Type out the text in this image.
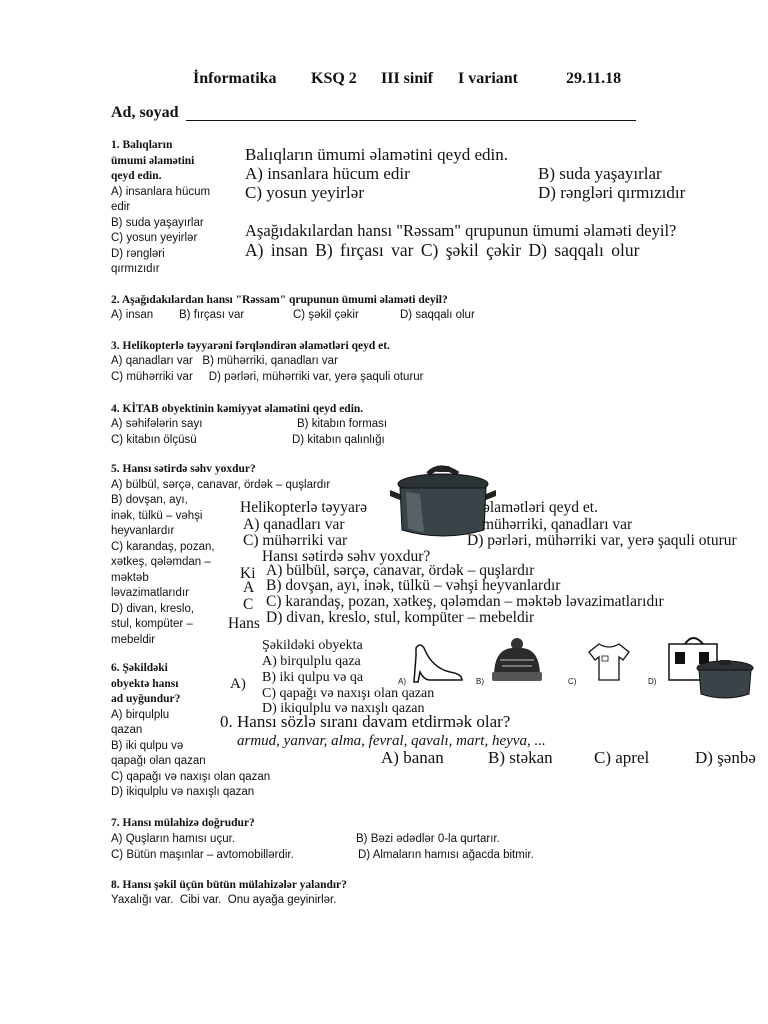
İnformatika KSQ 2 III sinif I variant	29.11.18
Ad, soyad
1. Balıqların
ümumi əlamətini
qeyd edin.
A) insanlara hücum
edir
B) suda yaşayırlar
C) yosun yeyirlər
D) rəngləri
qırmızıdır
Balıqların ümumi əlamətini qeyd edin.
A) insanlara hücum edir	B) suda yaşayırlar
C) yosun yeyirlər	D) rəngləri qırmızıdır
Aşağıdakılardan hansı "Rəssam" qrupunun ümumi əlaməti deyil?
A) insan B) fırçası var C) şəkil çəkir D) saqqalı olur
2. Aşağıdakılardan hansı "Rəssam" qrupunun ümumi əlaməti deyil?
A) insan B) fırçası var	C) şəkil çəkir	D) saqqalı olur
3. Helikopterlə təyyarəni fərqləndirən əlamətləri qeyd et.
A) qanadları var   B) mühərriki, qanadları var
C) mühərriki var     D) pərləri, mühərriki var, yerə şaquli oturur
4. KİTAB obyektinin kəmiyyət əlamətini qeyd edin.
A) səhifələrin sayı	B) kitabın forması
C) kitabın ölçüsü	D) kitabın qalınlığı
5. Hansı sətirdə səhv yoxdur?
A) bülbül, sərçə, canavar, ördək – quşlardır
B) dovşan, ayı,
inək, tülkü – vəhşi
heyvanlardır
C) karandaş, pozan,
xətkeş, qələmdan –
məktəb
ləvazimatlarıdır
D) divan, kreslo,
stul, kompüter –
mebeldir
Helikopterlə təyyarə	əlamətləri qeyd et.
A) qanadları var	mühərriki, qanadları var
C) mühərriki var	D) pərləri, mühərriki var, yerə şaquli oturur
Hansı sətirdə səhv yoxdur?
Ki A) bülbül, sərçə, canavar, ördək – quşlardır
A B) dovşan, ayı, inək, tülkü – vəhşi heyvanlardır
C C) karandaş, pozan, xətkeş, qələmdan – məktəb ləvazimatlarıdır
Hans D) divan, kreslo, stul, kompüter – mebeldir
Şəkildəki obyekta
A) birqulplu qaza
A) B) iki qulpu və qa
C) qapağı və naxışı olan qazan
D) ikiqulplu və naxışlı qazan
A)	B)	C)	D)
0. Hansı sözlə sıranı davam etdirmək olar?
armud, yanvar, alma, fevral, qavalı, mart, heyva, ...
A) banan	B) stəkan C) aprel	D) şənbə
6. Şəkildəki
obyektə hansı
ad uyğundur?
A) birqulplu
qazan
B) iki qulpu və
qapağı olan qazan
C) qapağı və naxışı olan qazan
D) ikiqulplu və naxışlı qazan
7. Hansı mülahizə doğrudur?
A) Quşların hamısı uçur.	B) Bəzi ədədlər 0-la qurtarır.
C) Bütün maşınlar – avtomobillərdir.	D) Almaların hamısı ağacda bitmir.
8. Hansı şəkil üçün bütün mülahizələr yalandır?
Yaxalığı var.  Cibi var.  Onu ayağa geyinirlər.
